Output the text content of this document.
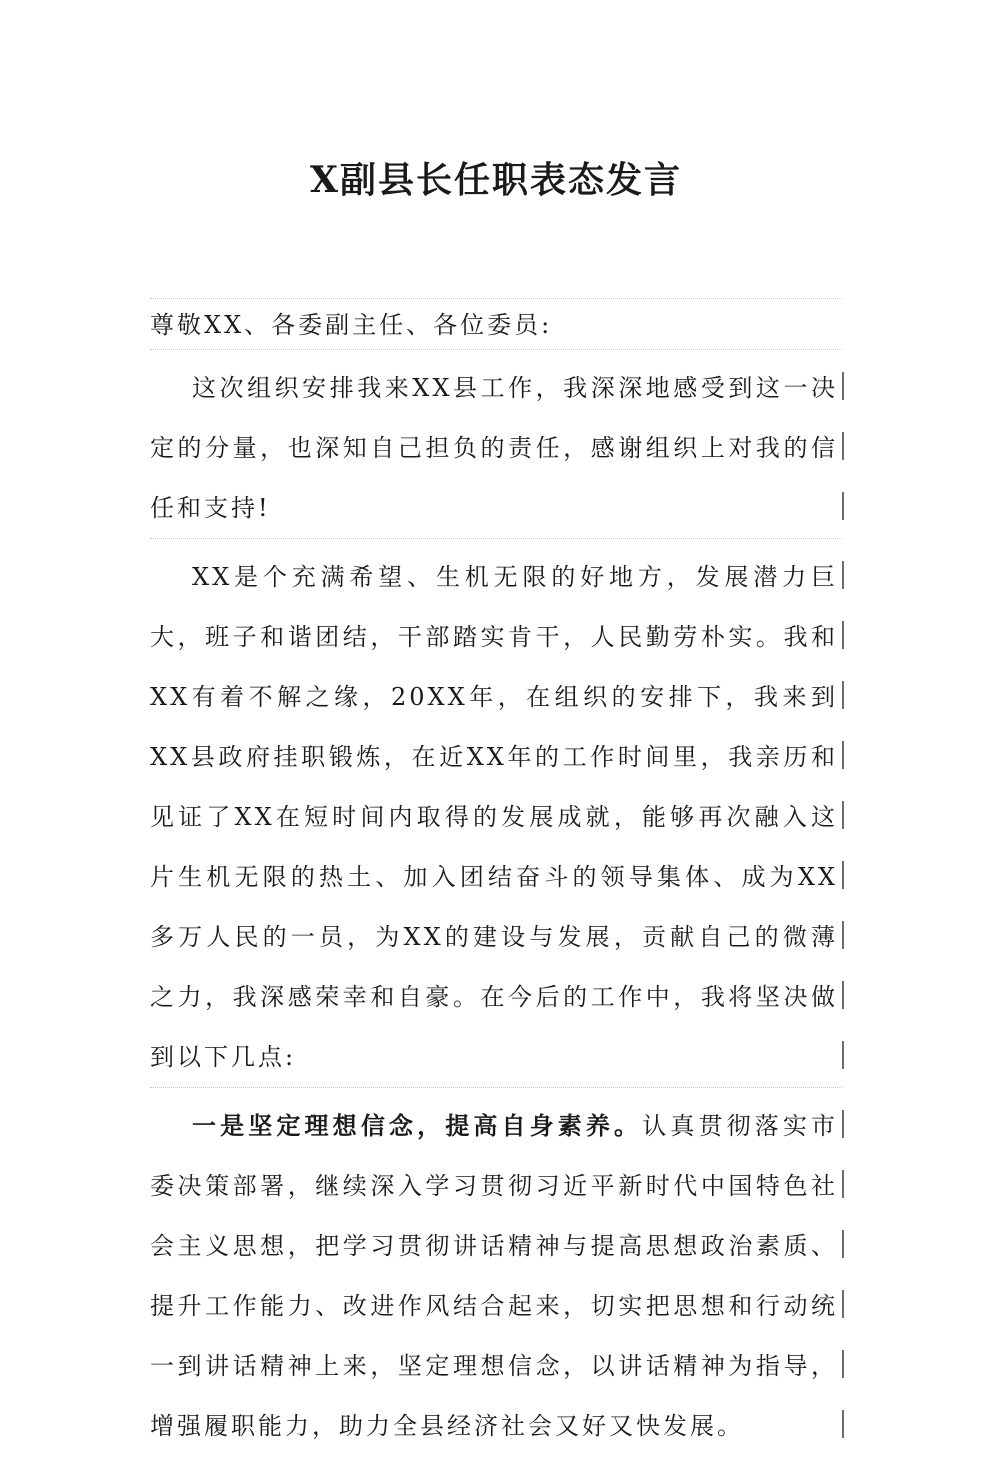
X副县长任职表态发言
尊敬XX、各委副主任、各位委员:
这次组织安排我来XX县工作，我深深地感受到这一决定的分量，也深知自己担负的责任，感谢组织上对我的信任和支持!
XX是个充满希望、生机无限的好地方，发展潜力巨大，班子和谐团结，干部踏实肯干，人民勤劳朴实。我和XX有着不解之缘，20XX年，在组织的安排下，我来到XX县政府挂职锻炼，在近XX年的工作时间里，我亲历和见证了XX在短时间内取得的发展成就，能够再次融入这片生机无限的热土、加入团结奋斗的领导集体、成为XX多万人民的一员，为XX的建设与发展，贡献自己的微薄之力，我深感荣幸和自豪。在今后的工作中，我将坚决做到以下几点:
一是坚定理想信念，提高自身素养。认真贯彻落实市委决策部署，继续深入学习贯彻习近平新时代中国特色社会主义思想，把学习贯彻讲话精神与提高思想政治素质、提升工作能力、改进作风结合起来，切实把思想和行动统一到讲话精神上来，坚定理想信念，以讲话精神为指导，增强履职能力，助力全县经济社会又好又快发展。
